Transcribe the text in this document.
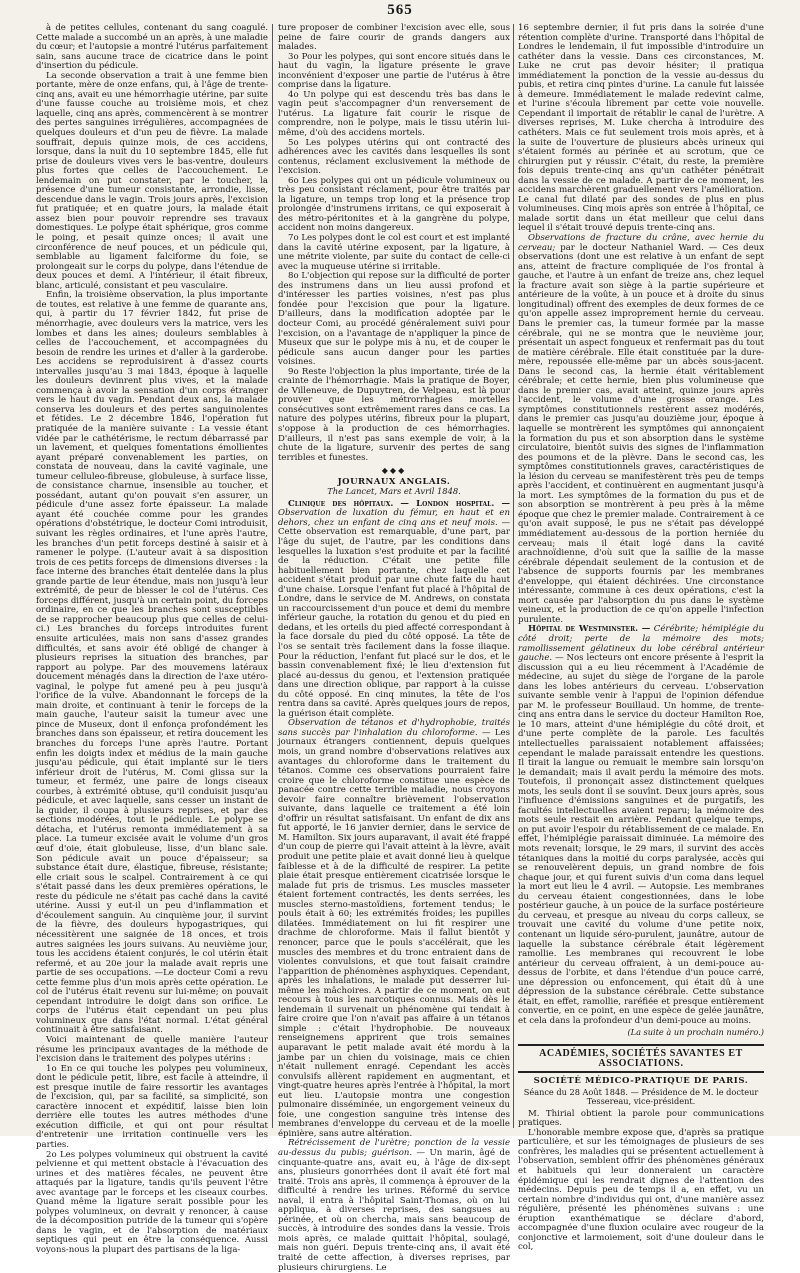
565

à de petites cellules, contenant du sang coagulé. Cette malade a succombé un an après, à une maladie du cœur; et l'autopsie a montré l'utérus parfaitement sain, sans aucune trace de cicatrice dans le point d'insertion du pédicule.

La seconde observation a trait à une femme bien portante, mère de onze enfans, qui, à l'âge de trente-cinq ans, avait eu une hémorrhagie utérine, par suite d'une fausse couche au troisième mois, et chez laquelle, cinq ans après, commencèrent à se montrer des pertes sanguines irrégulières, accompagnées de quelques douleurs et d'un peu de fièvre. La malade souffrait, depuis quinze mois, de ces accidens, lorsque, dans la nuit du 10 septembre 1845, elle fut prise de douleurs vives vers le bas-ventre, douleurs plus fortes que celles de l'accouchement. Le lendemain on put constater, par le toucher, la présence d'une tumeur consistante, arrondie, lisse, descendue dans le vagin. Trois jours après, l'excision fut pratiquée; et en quatre jours, la malade était assez bien pour pouvoir reprendre ses travaux domestiques. Le polype était sphérique, gros comme le poing, et pesait quinze onces; il avait une circonférence de neuf pouces, et un pédicule qui, semblable au ligament falciforme du foie, se prolongeait sur le corps du polype, dans l'étendue de deux pouces et demi. A l'intérieur, il était fibreux, blanc, articulé, consistant et peu vasculaire.

Enfin, la troisième observation, la plus importante de toutes, est relative à une femme de quarante ans, qui, à partir du 17 février 1842, fut prise de ménorrhagie, avec douleurs vers la matrice, vers les lombes et dans les aines; douleurs semblables à celles de l'accouchement, et accompagnées du besoin de rendre les urines et d'aller à la garderobe. Les accidens se reproduisirent à d'assez courts intervalles jusqu'au 3 mai 1843, époque à laquelle les douleurs devinrent plus vives, et la malade commença à avoir la sensation d'un corps étranger vers le haut du vagin. Pendant deux ans, la malade conserva les douleurs et des pertes sanguinolentes et fétides. Le 2 décembre 1846, l'opération fut pratiquée de la manière suivante : La vessie étant vidée par le cathétérisme, le rectum débarrassé par un lavement, et quelques fomentations émollientes ayant préparé convenablement les parties, on constata de nouveau, dans la cavité vaginale, une tumeur celluleo-fibreuse, globuleuse, à surface lisse, de consistance charnue, insensible au toucher, et possédant, autant qu'on pouvait s'en assurer, un pédicule d'une assez forte épaisseur. La malade ayant été couchée comme pour les grandes opérations d'obstétrique, le docteur Comi introduisit, suivant les règles ordinaires, et l'une après l'autre, les branches d'un petit forceps destiné à saisir et à ramener le polype. (L'auteur avait à sa disposition trois de ces petits forceps de dimensions diverses : la face interne des branches était dentelée dans la plus grande partie de leur étendue, mais non jusqu'à leur extrémité, de peur de blesser le col de l'utérus. Ces forceps différent, jusqu'à un certain point, du forceps ordinaire, en ce que les branches sont susceptibles de se rapprocher beaucoup plus que celles de celui-ci.) Les branches du forceps introduites furent ensuite articulées, mais non sans d'assez grandes difficultés, et sans avoir été obligé de changer à plusieurs reprises la situation des branches, par rapport au polype. Par des mouvemens latéraux doucement ménagés dans la direction de l'axe utéro-vaginal, le polype fut amené peu à peu jusqu'à l'orifice de la vulve. Abandonnant le forceps de la main droite, et continuant à tenir le forceps de la main gauche, l'auteur saisit la tumeur avec une pince de Museux, dont il enfonça profondément les branches dans son épaisseur, et retira doucement les branches du forceps l'une après l'autre. Portant enfin les doigts index et médius de la main gauche jusqu'au pédicule, qui était implanté sur le tiers inférieur droit de l'utérus, M. Comi glissa sur la tumeur, et ferméz, une paire de longs ciseaux courbes, à extrémité obtuse, qu'il conduisit jusqu'au pédicule, et avec laquelle, sans cesser un instant de la guider, il coupa à plusieurs reprises, et par des sections modérées, tout le pédicule. Le polype se détacha, et l'utérus remonta immédiatement à sa place. La tumeur excisée avait le volume d'un gros œuf d'oie, était globuleuse, lisse, d'un blanc sale. Son pédicule avait un pouce d'épaisseur; sa substance était dure, élastique, fibreuse, résistante; elle criait sous le scalpel. Contrairement à ce qui s'était passé dans les deux premières opérations, le reste du pédicule ne s'était pas caché dans la cavité utérine. Aussi y eut-il un peu d'inflammation et d'écoulement sanguin. Au cinquième jour, il survint de la fièvre, des douleurs hypogastriques, qui nécessitèrent une saignée de 18 onces, et trois autres saignées les jours suivans. Au neuvième jour, tous les accidens étaient conjurés, le col utérin était refermé, et au 20e jour la malade avait repris une partie de ses occupations. —Le docteur Comi a revu cette femme plus d'un mois après cette opération. Le col de l'utérus était revenu sur lui-même; on pouvait cependant introduire le doigt dans son orifice. Le corps de l'utérus était cependant un peu plus volumineux que dans l'état normal. L'état général continuait à être satisfaisant.

Voici maintenant de quelle manière l'auteur résume les principaux avantages de la méthode de l'excision dans le traitement des polypes utérins :

1o En ce qui touche les polypes peu volumineux, dont le pédicule petit, libre, est facile à atteindre, il est presque inutile de faire ressortir les avantages de l'excision, qui, par sa facilité, sa simplicité, son caractère innocent et expéditif, laisse bien loin derrière elle toutes les autres méthodes d'une exécution difficile, et qui ont pour résultat d'entretenir une irritation continuelle vers les parties.

2o Les polypes volumineux qui obstruent la cavité pelvienne et qui mettent obstacle à l'évacuation des urines et des matières fécales, ne peuvent être attaqués par la ligature, tandis qu'ils peuvent l'être avec avantage par le forceps et les ciseaux courbes. Quand même la ligature serait possible pour les polypes volumineux, on devrait y renoncer, à cause de la décomposition putride de la tumeur qui s'opère dans le vagin, et de l'absorption de matériaux septiques qui peut en être la conséquence. Aussi voyons-nous la plupart des partisans de la liga-

ture proposer de combiner l'excision avec elle, sous peine de faire courir de grands dangers aux malades.

3o Pour les polypes, qui sont encore situés dans le haut du vagin, la ligature présente le grave inconvénient d'exposer une partie de l'utérus à être comprise dans la ligature.

4o Un polype qui est descendu très bas dans le vagin peut s'accompagner d'un renversement de l'utérus. La ligature fait courir le risque de comprendre, non le polype, mais le tissu utérin lui-même, d'où des accidens mortels.

5o Les polypes utérins qui ont contracté des adhérences avec les cavités dans lesquelles ils sont contenus, réclament exclusivement la méthode de l'excision.

6o Les polypes qui ont un pédicule volumineux ou très peu consistant réclament, pour être traités par la ligature, un temps trop long et la présence trop prolongée d'instrumens irritans, ce qui exposerait à des métro-péritonites et à la gangrène du polype, accident non moins dangereux.

7o Les polypes dont le col est court et est implanté dans la cavité utérine exposent, par la ligature, à une métrite violente, par suite du contact de celle-ci avec la muqueuse utérine si irritable.

8o L'objection qui repose sur la difficulté de porter des instrumens dans un lieu aussi profond et d'intéresser les parties voisines, n'est pas plus fondée pour l'excision que pour la ligature. D'ailleurs, dans la modification adoptée par le docteur Comi, au procédé généralement suivi pour l'excision, on a l'avantage de n'appliquer la pince de Museux que sur le polype mis à nu, et de couper le pédicule sans aucun danger pour les parties voisines.

9o Reste l'objection la plus importante, tirée de la crainte de l'hémorrhagie. Mais la pratique de Boyer, de Villeneuve, de Dupuytren, de Velpeau, est là pour prouver que les métrorrhagies mortelles consécutives sont extrêmement rares dans ce cas. La nature des polypes utérins, fibreux pour la plupart, s'oppose à la production de ces hémorrhagies. D'ailleurs, il n'est pas sans exemple de voir, à la chute de la ligature, survenir des pertes de sang terribles et funestes.

◆◆◆
JOURNAUX ANGLAIS.
The Lancet, Mars et Avril 1848.

Clinique des hôpitaux. — London hospital. — Observation de luxation du fémur, en haut et en dehors, chez un enfant de cinq ans et neuf mois. — Cette observation est remarquable, d'une part, par l'âge du sujet, de l'autre, par les conditions dans lesquelles la luxation s'est produite et par la facilité de la réduction. C'était une petite fille habituellement bien portante, chez laquelle cet accident s'était produit par une chute faite du haut d'une chaise. Lorsque l'enfant fut placé à l'hôpital de Londre, dans le service de M. Andrews, on constata un raccourcissement d'un pouce et demi du membre inférieur gauche, la rotation du genou et du pied en dedans, et les orteils du pied affecté correspondant à la face dorsale du pied du côté opposé. La tête de l'os se sentait très facilement dans la fosse iliaque. Pour la réduction, l'enfant fut placé sur le dos, et le bassin convenablement fixé; le lieu d'extension fut placé au-dessus du genou, et l'extension pratiquée dans une direction oblique, par rapport à la cuisse du côté opposé. En cinq minutes, la tête de l'os rentra dans sa cavité. Après quelques jours de repos, la guérison était complète.

Observation de tétanos et d'hydrophobie, traités sans succès par l'inhalation du chloroforme. — Les journaux étrangers contiennent, depuis quelques mois, un grand nombre d'observations relatives aux avantages du chloroforme dans le traitement du tétanos. Comme ces observations pourraient faire croire que le chloroforme constitue une espèce de panacée contre cette terrible maladie, nous croyons devoir faire connaître brièvement l'observation suivante, dans laquelle ce traitement a été loin d'offrir un résultat satisfaisant. Un enfant de dix ans fut apporté, le 16 janvier dernier, dans le service de M. Hamilton. Six jours auparavant, il avait été frappé d'un coup de pierre qui l'avait atteint à la lèvre, avait produit une petite plaie et avait donné lieu à quelque faiblesse et à de la difficulté de respirer. La petite plaie était presque entièrement cicatrisée lorsque le malade fut pris de trismus. Les muscles masseter étaient fortement contractés, les dents serrées, les muscles sterno-mastoïdiens, fortement tendus; le pouls était à 60; les extrémités froides; les pupilles dilatées. Immédiatement on lui fit respirer une drachme de chloroforme. Mais il fallut bientôt y renoncer, parce que le pouls s'accélérait, que les muscles des membres et du tronc entraient dans de violentes convulsions, et que tout faisait craindre l'apparition de phénomènes asphyxiques. Cependant, après les inhalations, le malade put desserrer lui-même les mâchoires. A partir de ce moment, on eut recours à tous les narcotiques connus. Mais dès le lendemain il survenait un phénomène qui tendait à faire croire que l'on n'avait pas affaire à un tétanos simple : c'était l'hydrophobie. De nouveaux renseignemens apprirent que trois semaines auparavant le petit malade avait été mordu à la jambe par un chien du voisinage, mais ce chien n'était nullement enragé. Cependant les accès convulsifs allèrent rapidement en augmentant, et vingt-quatre heures après l'entrée à l'hôpital, la mort eut lieu. L'autopsie montra une congestion pulmonaire disséminée, un engorgement veineux du foie, une congestion sanguine très intense des membranes d'enveloppe du cerveau et de la moelle épinière, sans autre altération.

Rétrécissement de l'urètre; ponction de la vessie au-dessus du pubis; guérison. — Un marin, âgé de cinquante-quatre ans, avait eu, à l'âge de dix-sept ans, plusieurs gonorrhées dont il avait été fort mal traité. Trois ans après, il commença à éprouver de la difficulté à rendre les urines. Réformé du service naval, il entra à l'hôpital Saint-Thomas, où on lui appliqua, à diverses reprises, des sangsues au périnée, et où on chercha, mais sans beaucoup de succès, à introduire des sondes dans la vessie. Trois mois après, ce malade quittait l'hôpital, soulagé, mais non guéri. Depuis trente-cinq ans, il avait été traité de cette affection, à diverses reprises, par plusieurs chirurgiens. Le

16 septembre dernier, il fut pris dans la soirée d'une rétention complète d'urine. Transporté dans l'hôpital de Londres le lendemain, il fut impossible d'introduire un cathéter dans la vessie. Dans ces circonstances, M. Luke ne crut pas devoir hésiter; il pratiqua immédiatement la ponction de la vessie au-dessus du pubis, et retira cinq pintes d'urine. La canule fut laissée à demeure. Immédiatement le malade redevint calme, et l'urine s'écoula librement par cette voie nouvelle. Cependant il importait de rétablir le canal de l'urètre. A diverses reprises, M. Luke chercha à introduire des cathéters. Mais ce fut seulement trois mois après, et à la suite de l'ouverture de plusieurs abcès urineux qui s'étaient formés au périnée et au scrotum, que ce chirurgien put y réussir. C'était, du reste, la première fois depuis trente-cinq ans qu'un cathéter pénétrait dans la vessie de ce malade. A partir de ce moment, les accidens marchèrent graduellement vers l'amélioration. Le canal fut dilaté par des sondes de plus en plus volumineuses. Cinq mois après son entrée à l'hôpital, ce malade sortit dans un état meilleur que celui dans lequel il s'était trouvé depuis trente-cinq ans.

Observations de fracture du crâne, avec hernie du cerveau; par le docteur Nathaniel Ward. — Ces deux observations (dont une est relative à un enfant de sept ans, atteint de fracture compliquée de l'os frontal à gauche, et l'autre à un enfant de treize ans, chez lequel la fracture avait son siège à la partie supérieure et antérieure de la voûte, à un pouce et à droite du sinus longitudinal) offrent des exemples de deux formes de ce qu'on appelle assez improprement hernie du cerveau. Dans le premier cas, la tumeur formée par la masse cérébrale, qui ne se montra que le neuvième jour, présentait un aspect fongueux et renfermait pas du tout de matière cérébrale. Elle était constituée par la dure-mère, repoussée elle-même par un abcès sous-jacent. Dans le second cas, la hernie était véritablement cérébrale; et cette hernie, bien plus volumineuse que dans le premier cas, avait atteint, quinze jours après l'accident, le volume d'une grosse orange. Les symptômes constitutionnels restèrent assez modérés, dans le premier cas jusqu'au douzième jour, époque à laquelle se montrèrent les symptômes qui annonçaient la formation du pus et son absorption dans le système circulatoire, bientôt suivis des signes de l'inflammation des poumons et de la plèvre. Dans le second cas, les symptômes constitutionnels graves, caractéristiques de la lésion du cerveau se manifestèrent très peu de temps après l'accident, et continuèrent en augmentant jusqu'à la mort. Les symptômes de la formation du pus et de son absorption se montrèrent à peu près à la même époque que chez le premier malade. Contrairement à ce qu'on avait supposé, le pus ne s'était pas développé immédiatement au-dessous de la portion herniée du cerveau; mais il était logé dans la cavité arachnoïdienne, d'où suit que la saillie de la masse cérébrale dépendait seulement de la contusion et de l'absence de supports fournis par les membranes d'enveloppe, qui étaient déchirées. Une circonstance intéressante, commune à ces deux opérations, c'est la mort causée par l'absorption du pus dans le système veineux, et la production de ce qu'on appelle l'infection purulente.

Hôpital de Westminster. — Cérébrite; hémiplégie du côté droit; perte de la mémoire des mots; ramollissement gélatineux du lobe cérébral antérieur gauche. — Nos lecteurs ont encore présente à l'esprit la discussion qui a eu lieu récemment à l'Académie de médecine, au sujet du siège de l'organe de la parole dans les lobes antérieurs du cerveau. L'observation suivante semble venir à l'appui de l'opinion défendue par M. le professeur Bouillaud. Un homme, de trente-cinq ans entra dans le service du docteur Hamilton Roe, le 10 mars, atteint d'une hémiplégie du côté droit, et d'une perte complète de la parole. Les facultés intellectuelles paraissaient notablement affaissées; cependant le malade paraissait entendre les questions. Il tirait la langue ou remuait le membre sain lorsqu'on le demandait; mais il avait perdu la mémoire des mots. Toutefois, il prononçait assez distinctement quelques mots, les seuls dont il se souvînt. Deux jours après, sous l'influence d'émissions sanguines et de purgatifs, les facultés intellectuelles avaient reparu; la mémoire des mots seule restait en arrière. Pendant quelque temps, on put avoir l'espoir du rétablissement de ce malade. En effet, l'hémiplégie paraissait diminuée. La mémoire des mots revenait; lorsque, le 29 mars, il survint des accès tétaniques dans la moitié du corps paralysée, accès qui se renouvelèrent depuis, un grand nombre de fois chaque jour, et qui furent suivis d'un coma dans lequel la mort eut lieu le 4 avril. — Autopsie. Les membranes du cerveau étaient congestionnées, dans le lobe postérieur gauche, à un pouce de la surface postérieure du cerveau, et presque au niveau du corps calleux, se trouvait une cavité du volume d'une petite noix, contenant un liquide séro-purulent, jaunâtre, autour de laquelle la substance cérébrale était légèrement ramollie. Les membranes qui recouvrent le lobe antérieur du cerveau offraient, à un demi-pouce au-dessus de l'orbite, et dans l'étendue d'un pouce carré, une dépression ou enfoncement, qui était dû à une dépression de la substance cérébrale. Cette substance était, en effet, ramollie, raréfiée et presque entièrement convertie, en ce point, en une espèce de gelée jaunâtre, et cela dans la profondeur d'un demi-pouce au moins.

(La suite à un prochain numéro.)
ACADÉMIES, SOCIÉTÉS SAVANTES ET ASSOCIATIONS.
SOCIÉTÉ MÉDICO-PRATIQUE DE PARIS.
Séance du 28 Août 1848. — Présidence de M. le docteur Tessereau, vice-président.

M. Thirial obtient la parole pour communications pratiques.

L'honorable membre expose que, d'après sa pratique particulière, et sur les témoignages de plusieurs de ses confrères, les maladies qui se présentent actuellement à l'observation, semblent offrir des phénomènes généraux et habituels qui leur donneraient un caractère épidémique qui les rendrait dignes de l'attention des médecins. Depuis peu de temps il a, en effet, vu un certain nombre d'individus qui ont, d'une manière assez régulière, présenté les phénomènes suivans : une éruption exanthématique se déclare d'abord, accompagnée d'une fluxion oculaire avec rougeur de la conjonctive et larmoiement, soit d'une douleur dans le col,
